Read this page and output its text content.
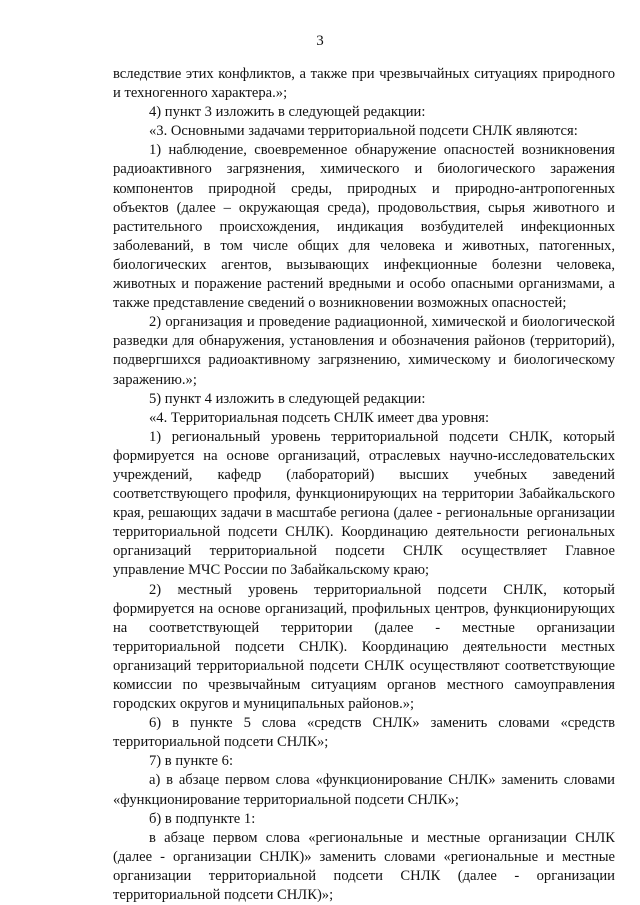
3

вследствие этих конфликтов, а также при чрезвычайных ситуациях природного и техногенного характера.»;

4) пункт 3 изложить в следующей редакции:

«3. Основными задачами территориальной подсети СНЛК являются:

1) наблюдение, своевременное обнаружение опасностей возникновения радиоактивного загрязнения, химического и биологического заражения компонентов природной среды, природных и природно-антропогенных объектов (далее – окружающая среда), продовольствия, сырья животного и растительного происхождения, индикация возбудителей инфекционных заболеваний, в том числе общих для человека и животных, патогенных, биологических агентов, вызывающих инфекционные болезни человека, животных и поражение растений вредными и особо опасными организмами, а также представление сведений о возникновении возможных опасностей;

2) организация и проведение радиационной, химической и биологической разведки для обнаружения, установления и обозначения районов (территорий), подвергшихся радиоактивному загрязнению, химическому и биологическому заражению.»;

5) пункт 4 изложить в следующей редакции:

«4. Территориальная подсеть СНЛК имеет два уровня:

1) региональный уровень территориальной подсети СНЛК, который формируется на основе организаций, отраслевых научно-исследовательских учреждений, кафедр (лабораторий) высших учебных заведений соответствующего профиля, функционирующих на территории Забайкальского края, решающих задачи в масштабе региона (далее - региональные организации территориальной подсети СНЛК). Координацию деятельности региональных организаций территориальной подсети СНЛК осуществляет Главное управление МЧС России по Забайкальскому краю;

2) местный уровень территориальной подсети СНЛК, который формируется на основе организаций, профильных центров, функционирующих на соответствующей территории (далее - местные организации территориальной подсети СНЛК). Координацию деятельности местных организаций территориальной подсети СНЛК осуществляют соответствующие комиссии по чрезвычайным ситуациям органов местного самоуправления городских округов и муниципальных районов.»;

6) в пункте 5 слова «средств СНЛК» заменить словами «средств территориальной подсети СНЛК»;

7) в пункте 6:

а) в абзаце первом слова «функционирование СНЛК» заменить словами «функционирование территориальной подсети СНЛК»;

б) в подпункте 1:

в абзаце первом слова «региональные и местные организации СНЛК (далее - организации СНЛК)» заменить словами «региональные и местные организации территориальной подсети СНЛК (далее - организации территориальной подсети СНЛК)»;
